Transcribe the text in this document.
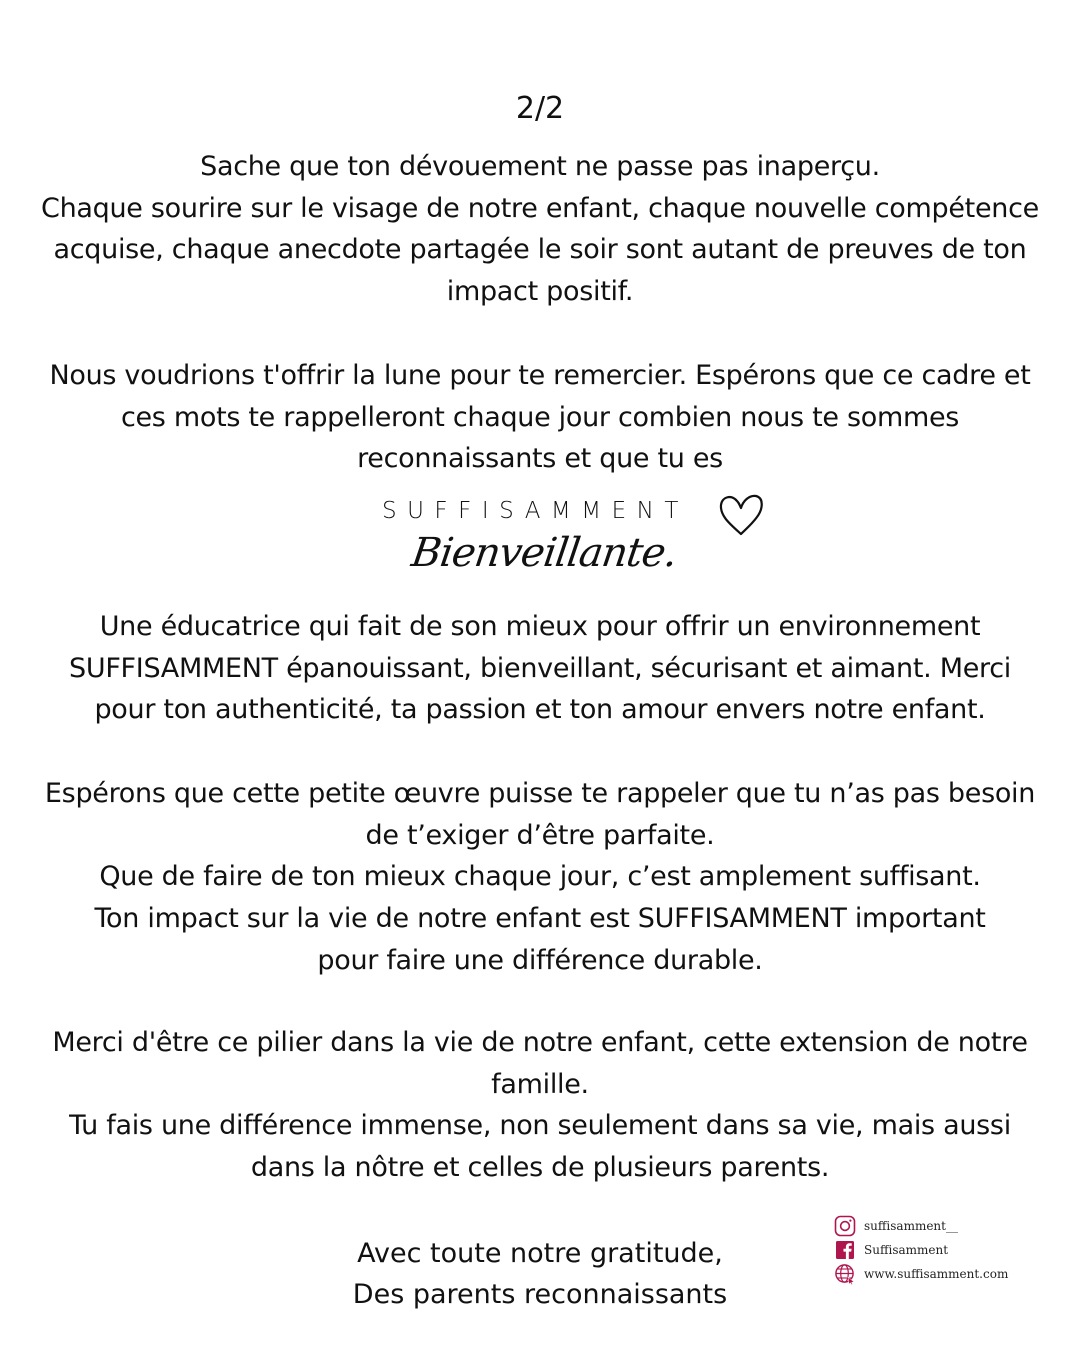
2/2
Sache que ton dévouement ne passe pas inaperçu.
Chaque sourire sur le visage de notre enfant, chaque nouvelle compétence
acquise, chaque anecdote partagée le soir sont autant de preuves de ton
impact positif.
Nous voudrions t'offrir la lune pour te remercier. Espérons que ce cadre et
ces mots te rappelleront chaque jour combien nous te sommes
reconnaissants et que tu es
SUFFISAMMENT
Bienveillante.
Une éducatrice qui fait de son mieux pour offrir un environnement
SUFFISAMMENT épanouissant, bienveillant, sécurisant et aimant. Merci
pour ton authenticité, ta passion et ton amour envers notre enfant.
Espérons que cette petite œuvre puisse te rappeler que tu n’as pas besoin
de t’exiger d’être parfaite.
Que de faire de ton mieux chaque jour, c’est amplement suffisant.
Ton impact sur la vie de notre enfant est SUFFISAMMENT important
pour faire une différence durable.
Merci d'être ce pilier dans la vie de notre enfant, cette extension de notre
famille.
Tu fais une différence immense, non seulement dans sa vie, mais aussi
dans la nôtre et celles de plusieurs parents.
Avec toute notre gratitude,
Des parents reconnaissants
suffisamment__
Suffisamment
www.suffisamment.com
